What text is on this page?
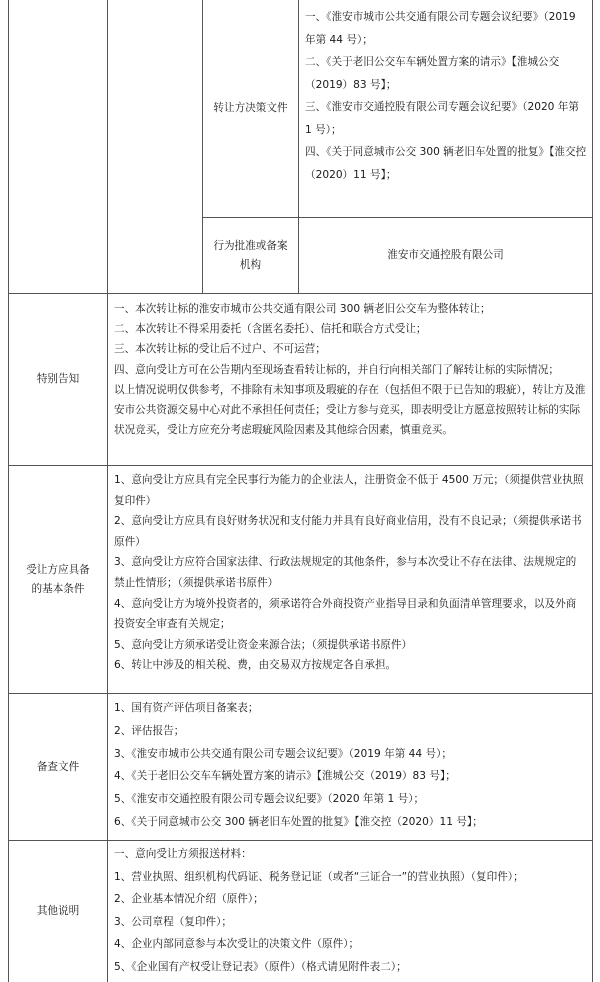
转让方决策文件

一、《淮安市城市公共交通有限公司专题会议纪要》（2019 年第 44 号）；

二、《关于老旧公交车车辆处置方案的请示》【淮城公交（2019）83 号】；

三、《淮安市交通控股有限公司专题会议纪要》（2020 年第 1 号）；

四、《关于同意城市公交 300 辆老旧车处置的批复》【淮交控（2020）11 号】；

行为批准或备案机构
淮安市交通控股有限公司
特别告知

一、本次转让标的淮安市城市公共交通有限公司 300 辆老旧公交车为整体转让；

二、本次转让不得采用委托（含匿名委托）、信托和联合方式受让；

三、本次转让标的受让后不过户、不可运营；

四、意向受让方可在公告期内至现场查看转让标的，并自行向相关部门了解转让标的实际情况；

以上情况说明仅供参考，不排除有未知事项及瑕疵的存在（包括但不限于已告知的瑕疵），转让方及淮安市公共资源交易中心对此不承担任何责任；受让方参与竞买，即表明受让方愿意按照转让标的实际状况竞买，受让方应充分考虑瑕疵风险因素及其他综合因素，慎重竞买。

受让方应具备的基本条件

1、意向受让方应具有完全民事行为能力的企业法人，注册资金不低于 4500 万元；（须提供营业执照复印件）

2、意向受让方应具有良好财务状况和支付能力并具有良好商业信用，没有不良记录；（须提供承诺书原件）

3、意向受让方应符合国家法律、行政法规规定的其他条件，参与本次受让不存在法律、法规规定的禁止性情形；（须提供承诺书原件）

4、意向受让方为境外投资者的，须承诺符合外商投资产业指导目录和负面清单管理要求，以及外商投资安全审查有关规定；

5、意向受让方须承诺受让资金来源合法；（须提供承诺书原件）

6、转让中涉及的相关税、费，由交易双方按规定各自承担。

备查文件

1、国有资产评估项目备案表；

2、评估报告；

3、《淮安市城市公共交通有限公司专题会议纪要》（2019 年第 44 号）；

4、《关于老旧公交车车辆处置方案的请示》【淮城公交（2019）83 号】；

5、《淮安市交通控股有限公司专题会议纪要》（2020 年第 1 号）；

6、《关于同意城市公交 300 辆老旧车处置的批复》【淮交控（2020）11 号】；

其他说明

一、意向受让方须报送材料：

1、营业执照、组织机构代码证、税务登记证（或者“三证合一”的营业执照）（复印件）；

2、企业基本情况介绍（原件）；

3、公司章程（复印件）；

4、企业内部同意参与本次受让的决策文件（原件）；

5、《企业国有产权受让登记表》（原件）（格式请见附件表二）；
